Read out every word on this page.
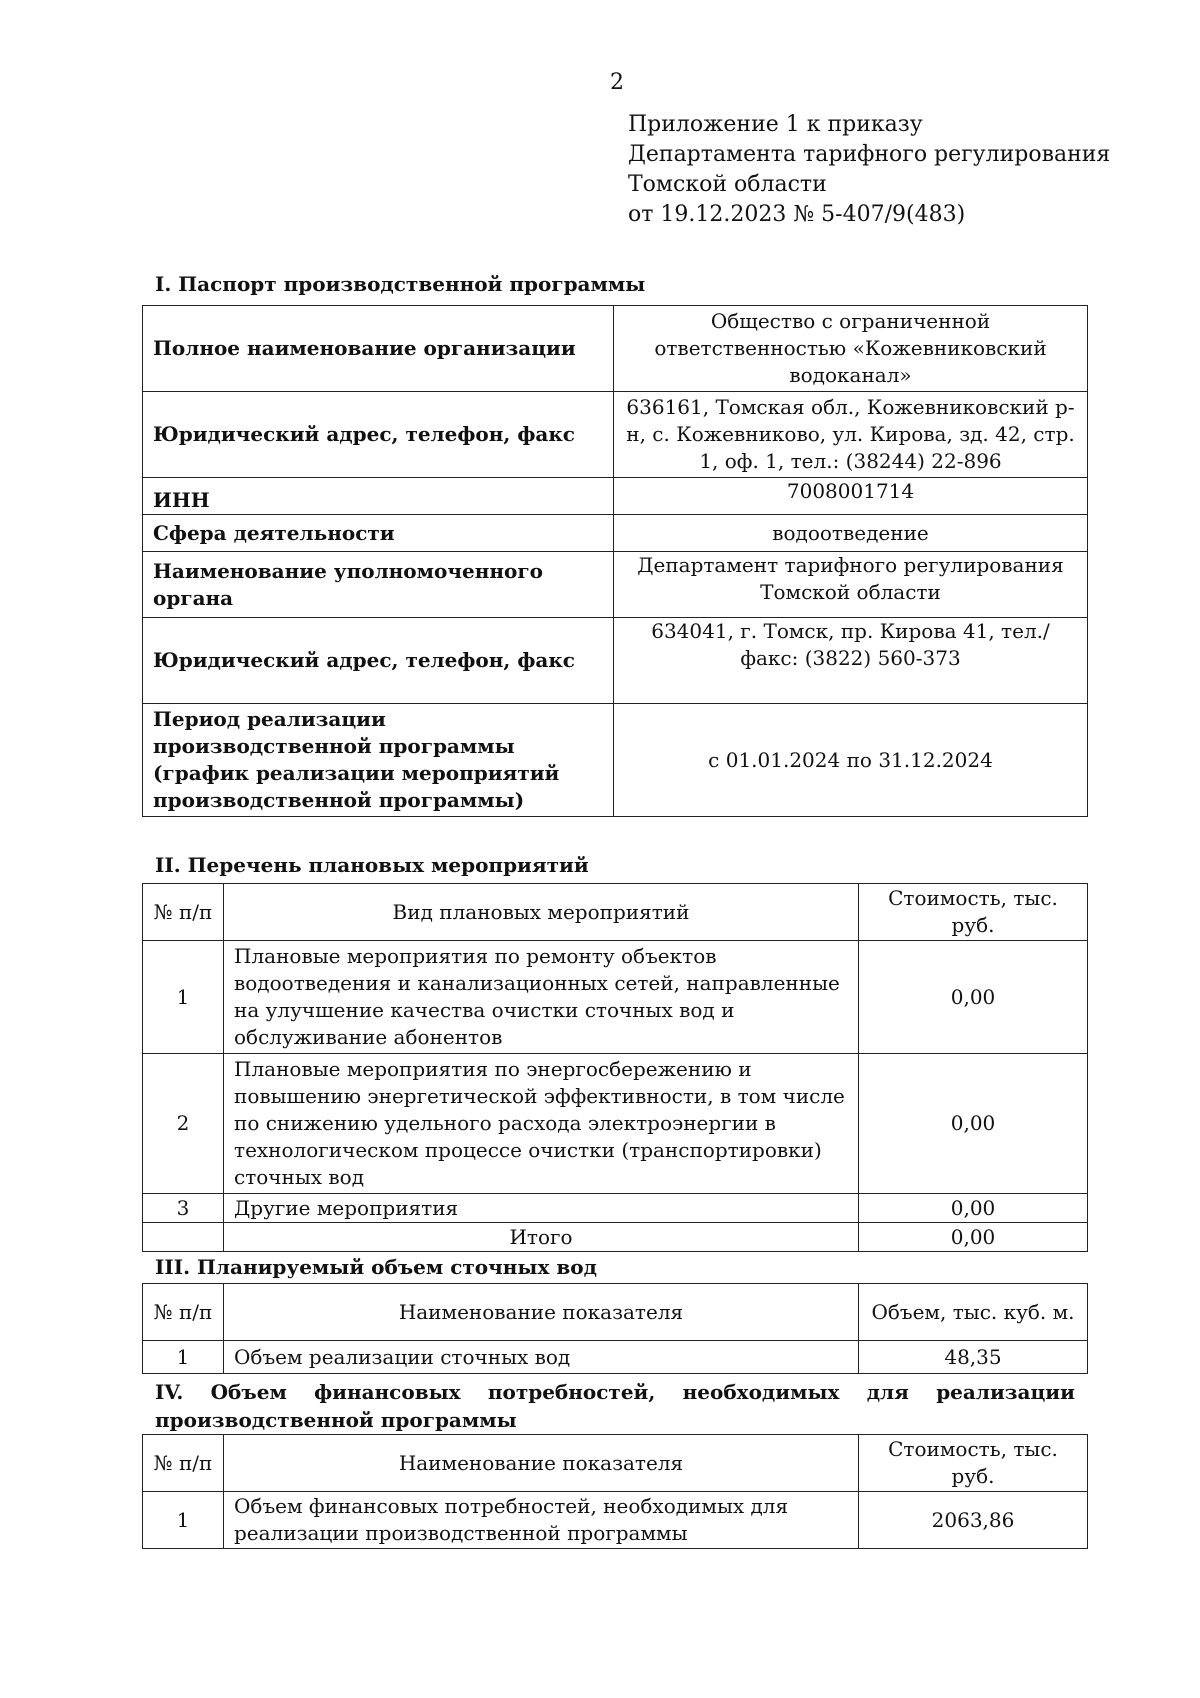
2
Приложение 1 к приказу
Департамента тарифного регулирования
Томской области
от 19.12.2023 № 5-407/9(483)
I. Паспорт производственной программы
Полное наименование организации	Общество с ограниченной ответственностью «Кожевниковский водоканал»
Юридический адрес, телефон, факс	636161, Томская обл., Кожевниковский р-н, с. Кожевниково, ул. Кирова, зд. 42, стр. 1, оф. 1, тел.: (38244) 22-896
ИНН	7008001714
Сфера деятельности	водоотведение
Наименование уполномоченного органа	Департамент тарифного регулирования Томской области
Юридический адрес, телефон, факс	634041, г. Томск, пр. Кирова 41, тел./факс: (3822) 560-373
Период реализации производственной программы (график реализации мероприятий производственной программы)	с 01.01.2024 по 31.12.2024
II. Перечень плановых мероприятий
№ п/п	Вид плановых мероприятий	Стоимость, тыс. руб.
1	Плановые мероприятия по ремонту объектов водоотведения и канализационных сетей, направленные на улучшение качества очистки сточных вод и обслуживание абонентов	0,00
2	Плановые мероприятия по энергосбережению и повышению энергетической эффективности, в том числе по снижению удельного расхода электроэнергии в технологическом процессе очистки (транспортировки) сточных вод	0,00
3	Другие мероприятия	0,00
	Итого	0,00
III. Планируемый объем сточных вод
№ п/п	Наименование показателя	Объем, тыс. куб. м.
1	Объем реализации сточных вод	48,35
IV. Объем финансовых потребностей, необходимых для реализации
производственной программы
№ п/п	Наименование показателя	Стоимость, тыс. руб.
1	Объем финансовых потребностей, необходимых для реализации производственной программы	2063,86
